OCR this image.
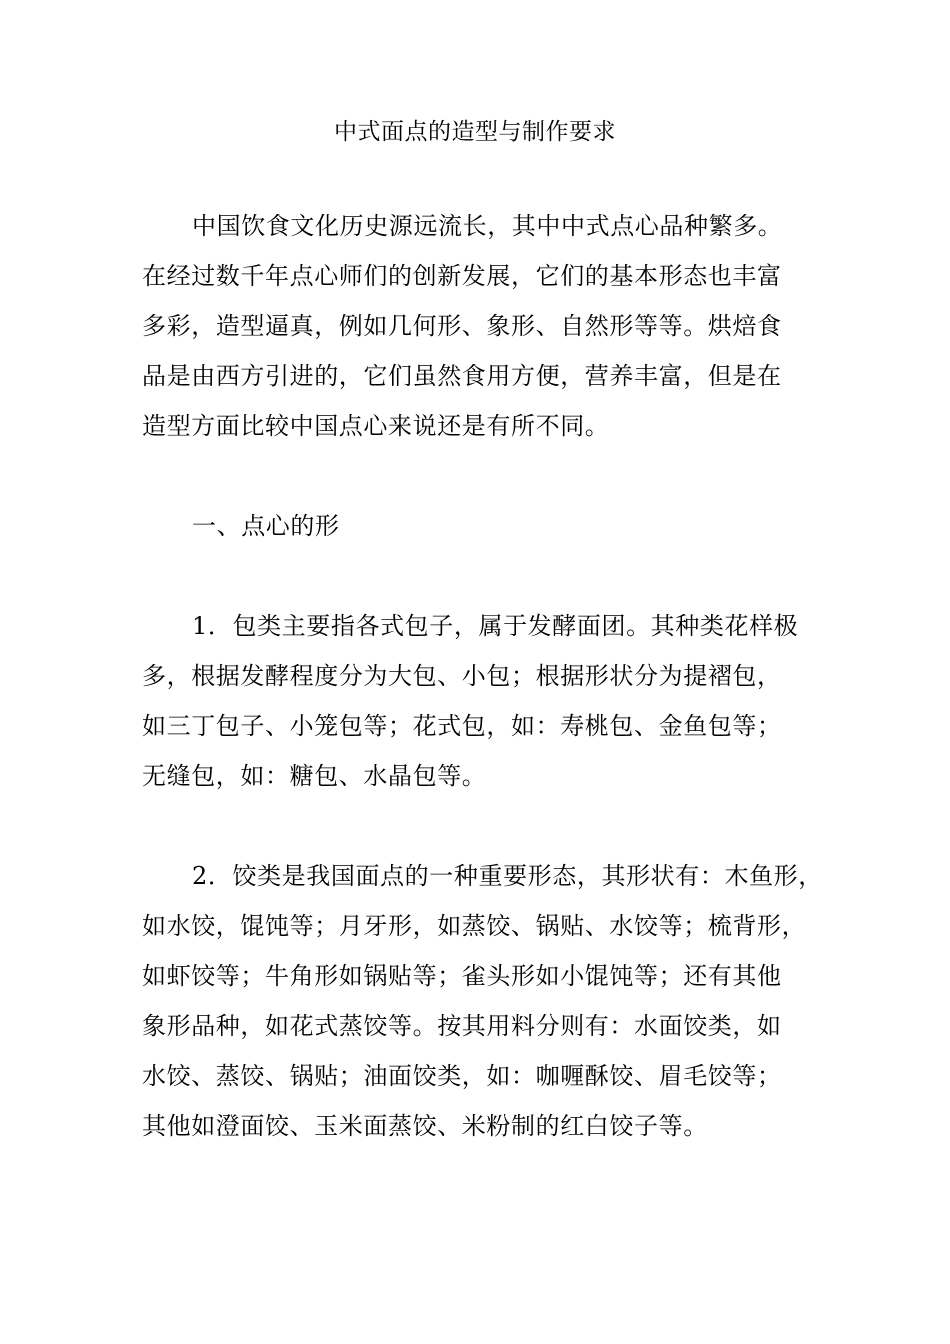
中式面点的造型与制作要求
中国饮食文化历史源远流长，其中中式点心品种繁多。
在经过数千年点心师们的创新发展，它们的基本形态也丰富
多彩，造型逼真，例如几何形、象形、自然形等等。烘焙食
品是由西方引进的，它们虽然食用方便，营养丰富，但是在
造型方面比较中国点心来说还是有所不同。
一、点心的形
1．包类主要指各式包子，属于发酵面团。其种类花样极
多，根据发酵程度分为大包、小包；根据形状分为提褶包，
如三丁包子、小笼包等；花式包，如：寿桃包、金鱼包等；
无缝包，如：糖包、水晶包等。
2．饺类是我国面点的一种重要形态，其形状有：木鱼形，
如水饺，馄饨等；月牙形，如蒸饺、锅贴、水饺等；梳背形，
如虾饺等；牛角形如锅贴等；雀头形如小馄饨等；还有其他
象形品种，如花式蒸饺等。按其用料分则有：水面饺类，如
水饺、蒸饺、锅贴；油面饺类，如：咖喱酥饺、眉毛饺等；
其他如澄面饺、玉米面蒸饺、米粉制的红白饺子等。
